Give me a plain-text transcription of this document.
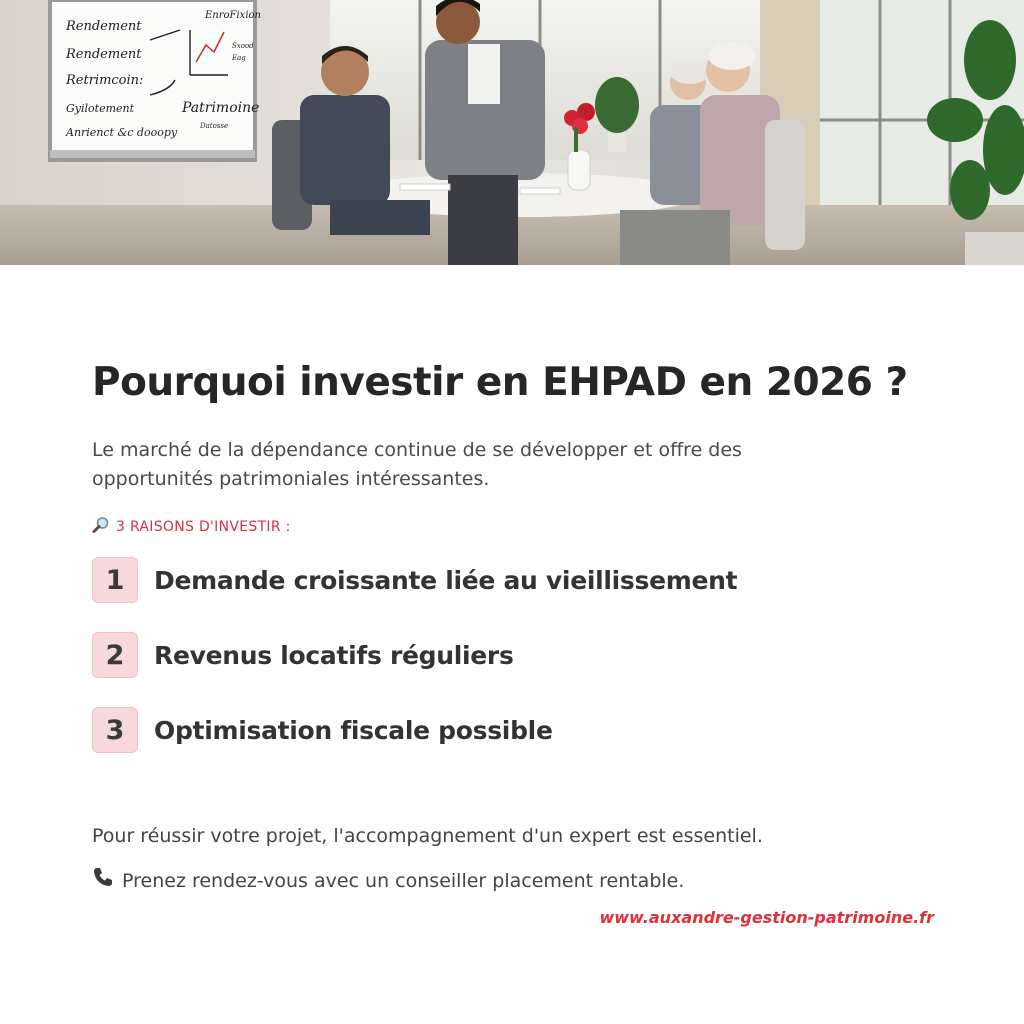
Rendement
Rendement
Retrimcoin:
Gyilotement
Anrienct &c dooopy
EnroFixion
Sxood
Eag
Patrimoine
Datosse
Pourquoi investir en EHPAD en 2026 ?

Le marché de la dépendance continue de se développer et offre des opportunités patrimoniales intéressantes.

3 RAISONS D'INVESTIR :
1	Demande croissante liée au vieillissement
2	Revenus locatifs réguliers
3	Optimisation fiscale possible
Pour réussir votre projet, l'accompagnement d'un expert est essentiel.
Prenez rendez-vous avec un conseiller placement rentable.
www.auxandre-gestion-patrimoine.fr
